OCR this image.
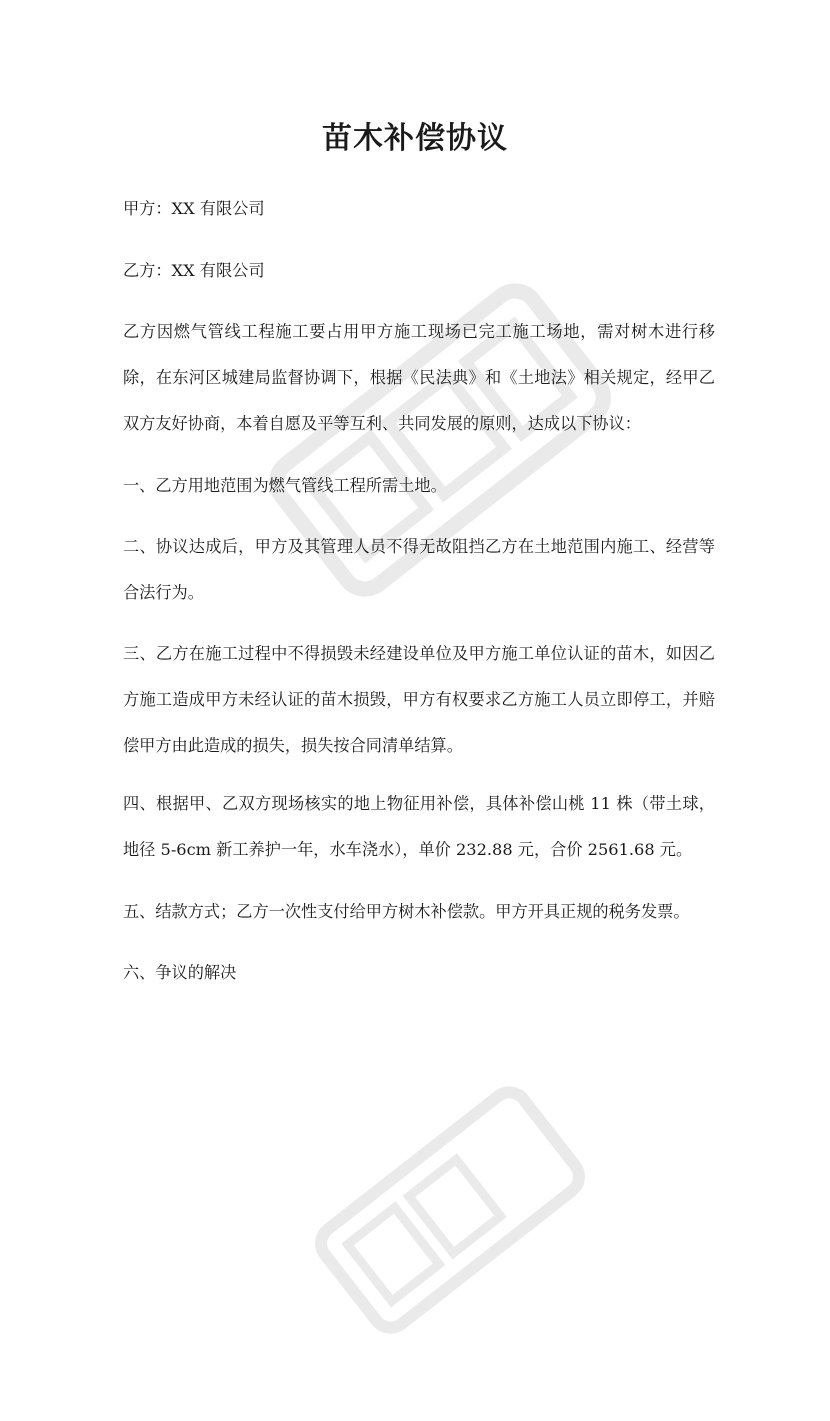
苗木补偿协议

甲方：XX 有限公司

乙方：XX 有限公司

乙方因燃气管线工程施工要占用甲方施工现场已完工施工场地，需对树木进行移除，在东河区城建局监督协调下，根据《民法典》和《土地法》相关规定，经甲乙双方友好协商，本着自愿及平等互利、共同发展的原则，达成以下协议：

一、乙方用地范围为燃气管线工程所需土地。

二、协议达成后，甲方及其管理人员不得无故阻挡乙方在土地范围内施工、经营等合法行为。

三、乙方在施工过程中不得损毁未经建设单位及甲方施工单位认证的苗木，如因乙方施工造成甲方未经认证的苗木损毁，甲方有权要求乙方施工人员立即停工，并赔偿甲方由此造成的损失，损失按合同清单结算。

四、根据甲、乙双方现场核实的地上物征用补偿，具体补偿山桃 11 株（带土球，地径 5-6cm 新工养护一年，水车浇水），单价 232.88 元，合价 2561.68 元。

五、结款方式；乙方一次性支付给甲方树木补偿款。甲方开具正规的税务发票。

六、争议的解决
